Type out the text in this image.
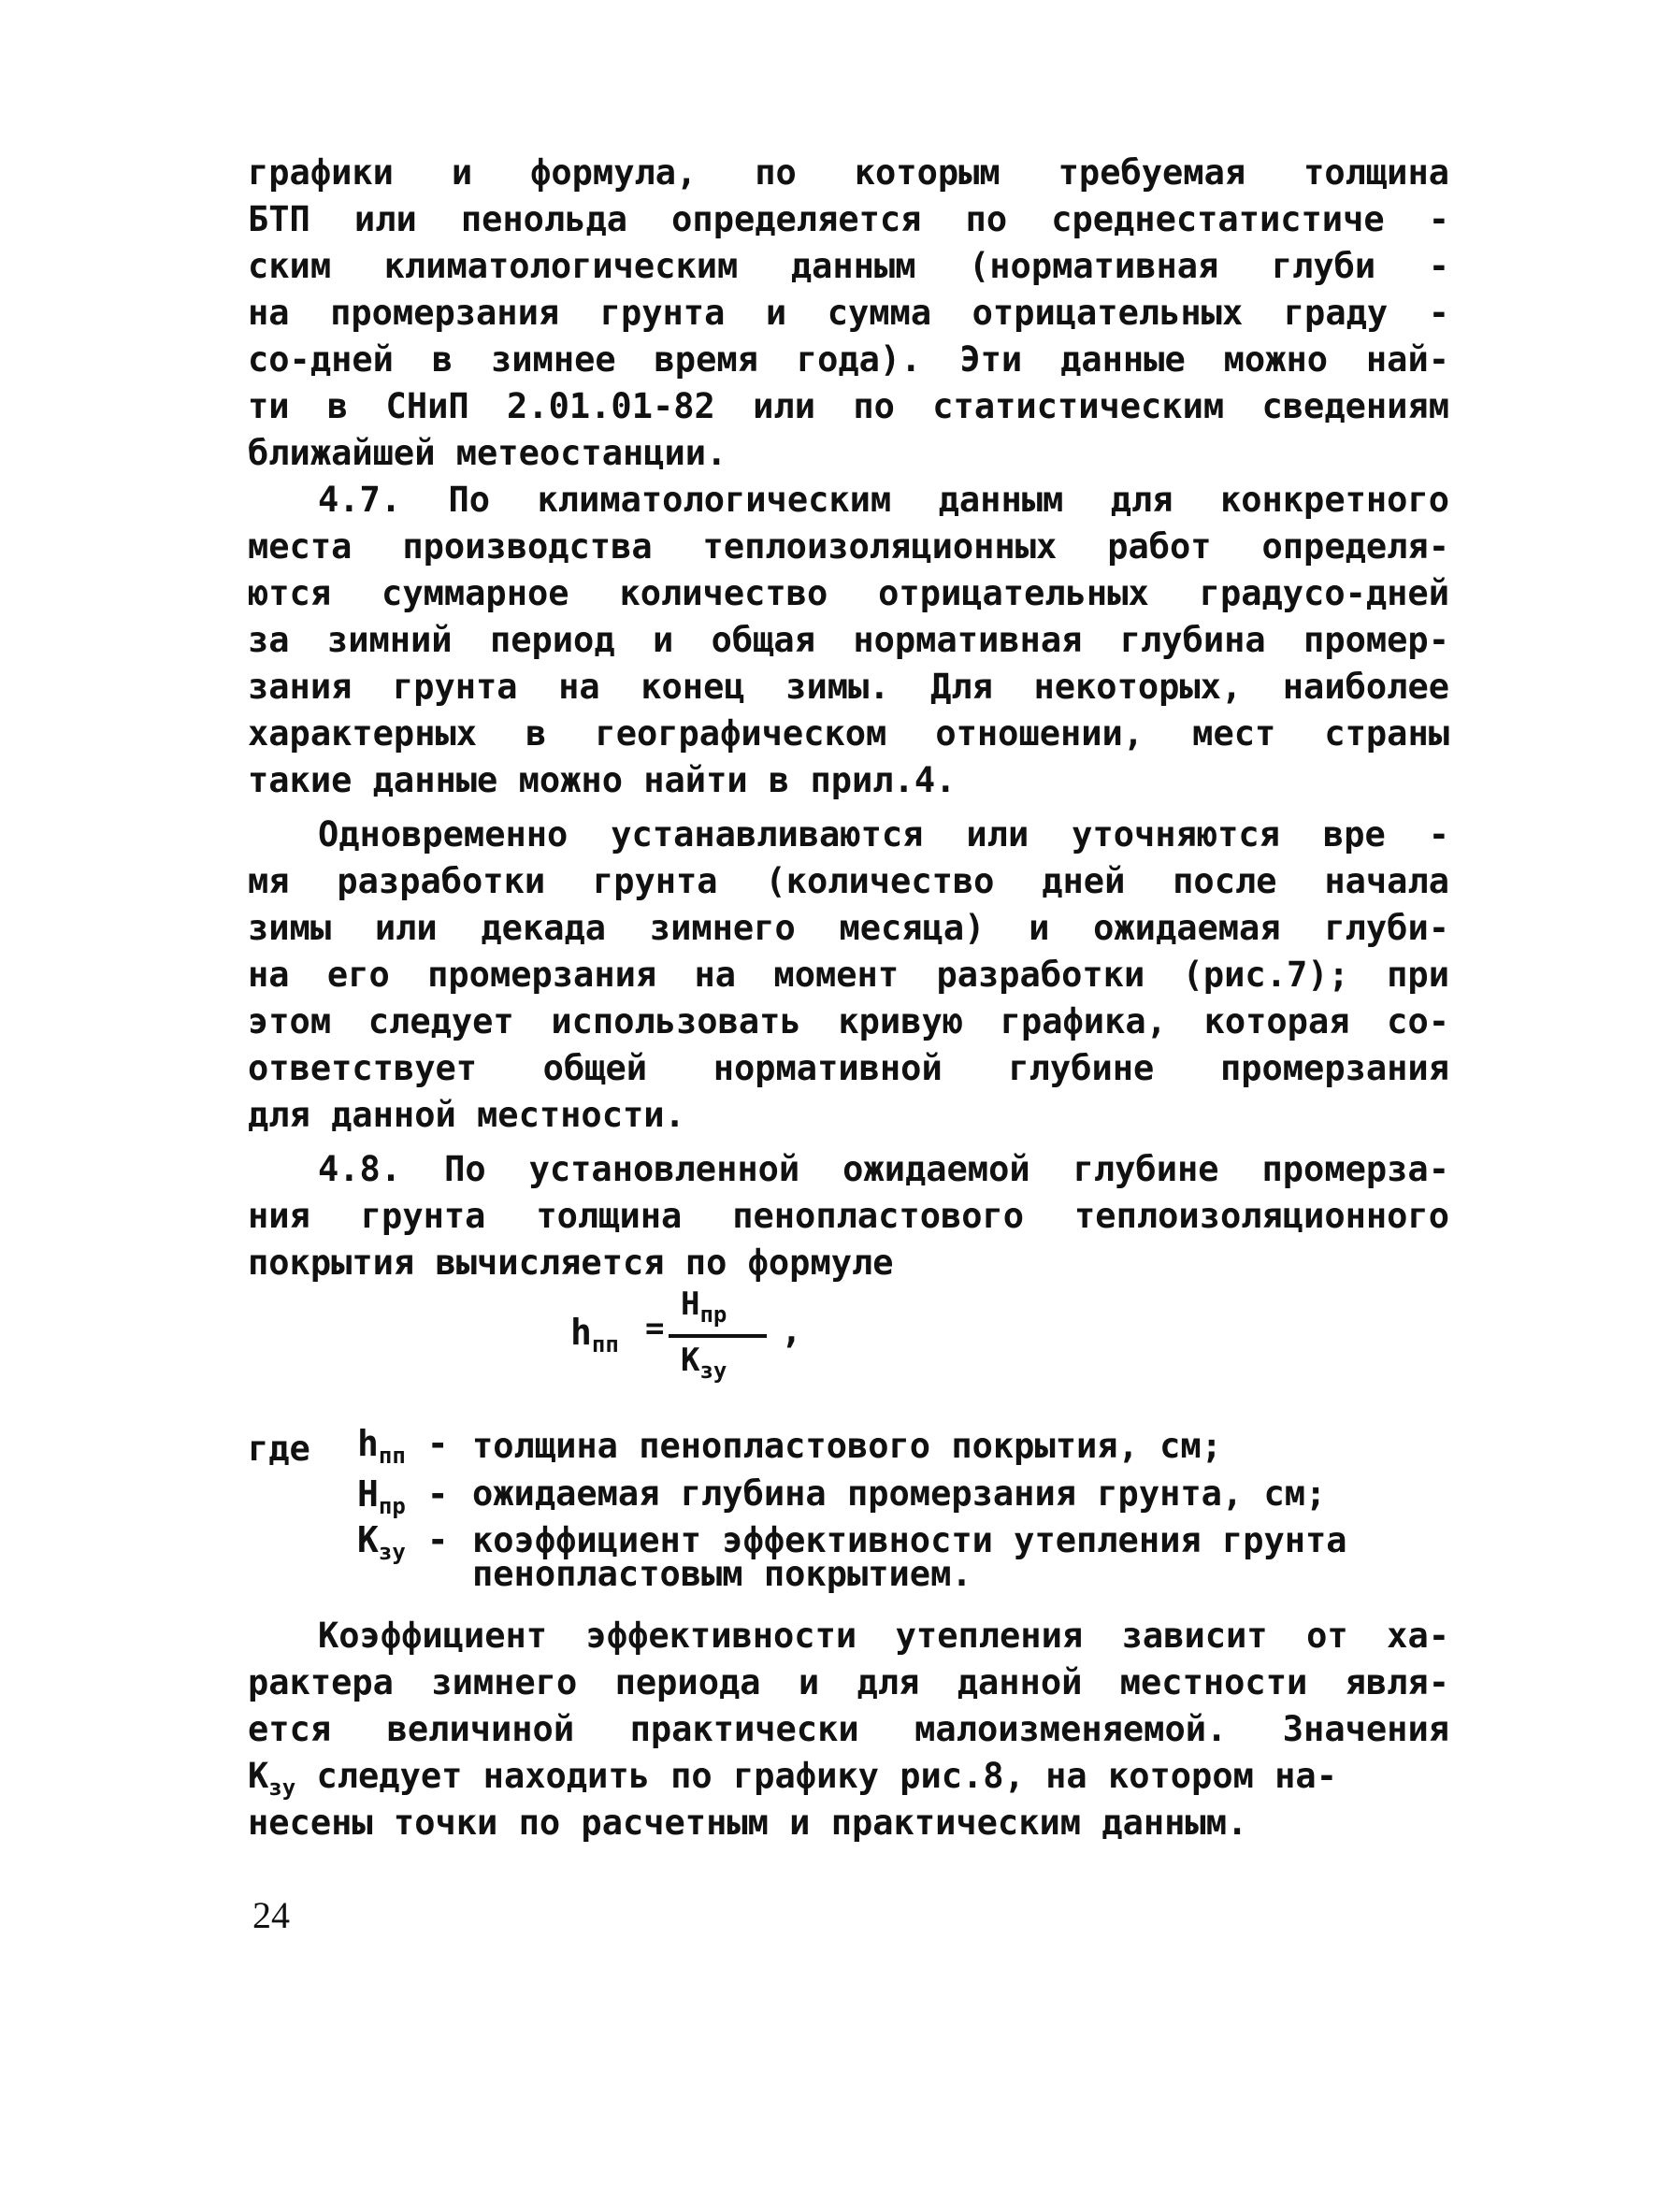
графики и формула, по которым требуемая толщина
БТП или пенольда определяется по среднестатистиче -
ским климатологическим данным (нормативная глуби -
на промерзания грунта и сумма отрицательных граду -
со-дней в зимнее время года). Эти данные можно най-
ти в СНиП 2.01.01-82 или по статистическим сведениям
ближайшей метеостанции.
4.7. По климатологическим данным для конкретного
места производства теплоизоляционных работ определя-
ются суммарное количество отрицательных градусо-дней
за зимний период и общая нормативная глубина промер-
зания грунта на конец зимы. Для некоторых, наиболее
характерных в географическом отношении, мест страны
такие данные можно найти в прил.4.
Одновременно устанавливаются или уточняются вре -
мя разработки грунта (количество дней после начала
зимы или декада зимнего месяца) и ожидаемая глуби-
на его промерзания на момент разработки (рис.7); при
этом следует использовать кривую графика, которая со-
ответствует общей нормативной глубине промерзания
для данной местности.
4.8. По установленной ожидаемой глубине промерза-
ния грунта толщина пенопластового теплоизоляционного
покрытия вычисляется по формуле
$h_{пп}$ =
$H_{пр}$
$K_{зу}$
,
где	$h_{пп}$ - толщина пенопластового покрытия, см;
$H_{пр}$ - ожидаемая глубина промерзания грунта, см;
$K_{зу}$ - коэффициент эффективности утепления грунта
пенопластовым покрытием.
Коэффициент эффективности утепления зависит от ха-
рактера зимнего периода и для данной местности явля-
ется величиной практически малоизменяемой. Значения
$K_{зу}$ следует находить по графику рис.8, на котором на-
несены точки по расчетным и практическим данным.
24
